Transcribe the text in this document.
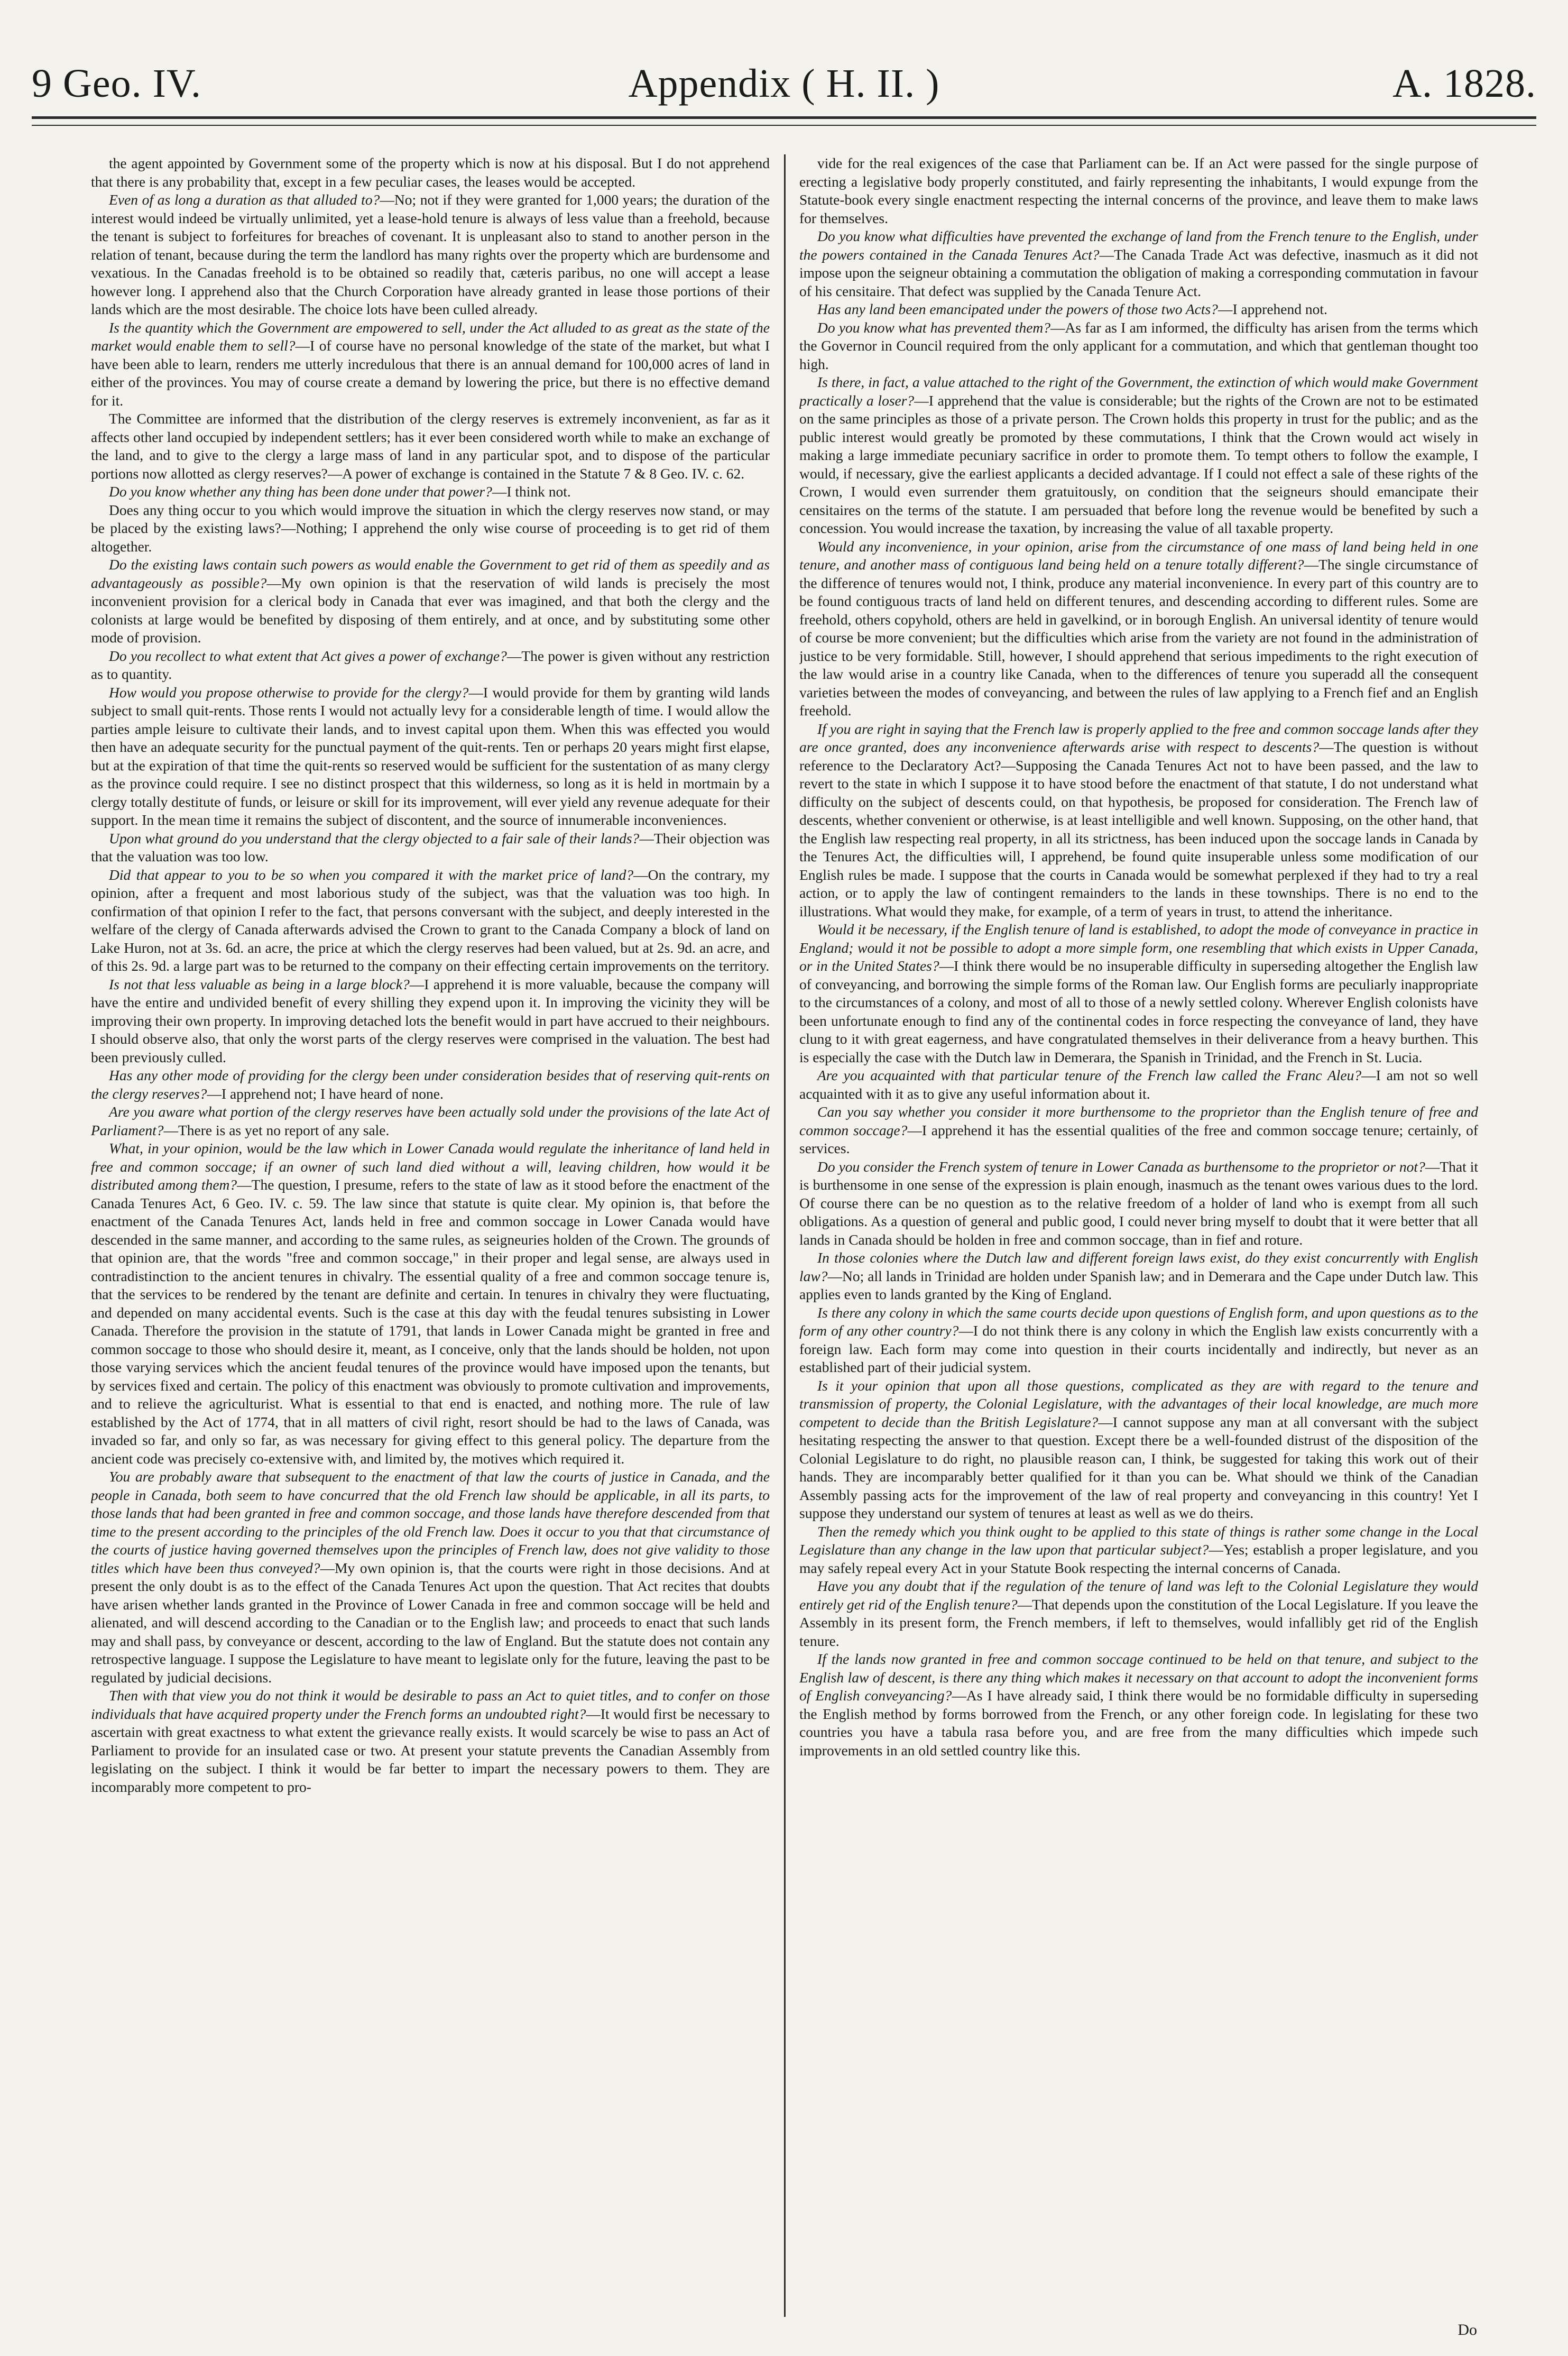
9 Geo. IV.	Appendix ( H. II. )	A. 1828.

the agent appointed by Government some of the property which is now at his disposal. But I do not apprehend that there is any probability that, except in a few peculiar cases, the leases would be accepted.

Even of as long a duration as that alluded to?—No; not if they were granted for 1,000 years; the duration of the interest would indeed be virtually unlimited, yet a lease-hold tenure is always of less value than a freehold, because the tenant is subject to forfeitures for breaches of covenant. It is unpleasant also to stand to another person in the relation of tenant, because during the term the landlord has many rights over the property which are burdensome and vexatious. In the Canadas freehold is to be obtained so readily that, cæteris paribus, no one will accept a lease however long. I apprehend also that the Church Corporation have already granted in lease those portions of their lands which are the most desirable. The choice lots have been culled already.

Is the quantity which the Government are empowered to sell, under the Act alluded to as great as the state of the market would enable them to sell?—I of course have no personal knowledge of the state of the market, but what I have been able to learn, renders me utterly incredulous that there is an annual demand for 100,000 acres of land in either of the provinces. You may of course create a demand by lowering the price, but there is no effective demand for it.

The Committee are informed that the distribution of the clergy reserves is extremely inconvenient, as far as it affects other land occupied by independent settlers; has it ever been considered worth while to make an exchange of the land, and to give to the clergy a large mass of land in any particular spot, and to dispose of the particular portions now allotted as clergy reserves?—A power of exchange is contained in the Statute 7 & 8 Geo. IV. c. 62.

Do you know whether any thing has been done under that power?—I think not.

Does any thing occur to you which would improve the situation in which the clergy reserves now stand, or may be placed by the existing laws?—Nothing; I apprehend the only wise course of proceeding is to get rid of them altogether.

Do the existing laws contain such powers as would enable the Government to get rid of them as speedily and as advantageously as possible?—My own opinion is that the reservation of wild lands is precisely the most inconvenient provision for a clerical body in Canada that ever was imagined, and that both the clergy and the colonists at large would be benefited by disposing of them entirely, and at once, and by substituting some other mode of provision.

Do you recollect to what extent that Act gives a power of exchange?—The power is given without any restriction as to quantity.

How would you propose otherwise to provide for the clergy?—I would provide for them by granting wild lands subject to small quit-rents. Those rents I would not actually levy for a considerable length of time. I would allow the parties ample leisure to cultivate their lands, and to invest capital upon them. When this was effected you would then have an adequate security for the punctual payment of the quit-rents. Ten or perhaps 20 years might first elapse, but at the expiration of that time the quit-rents so reserved would be sufficient for the sustentation of as many clergy as the province could require. I see no distinct prospect that this wilderness, so long as it is held in mortmain by a clergy totally destitute of funds, or leisure or skill for its improvement, will ever yield any revenue adequate for their support. In the mean time it remains the subject of discontent, and the source of innumerable inconveniences.

Upon what ground do you understand that the clergy objected to a fair sale of their lands?—Their objection was that the valuation was too low.

Did that appear to you to be so when you compared it with the market price of land?—On the contrary, my opinion, after a frequent and most laborious study of the subject, was that the valuation was too high. In confirmation of that opinion I refer to the fact, that persons conversant with the subject, and deeply interested in the welfare of the clergy of Canada afterwards advised the Crown to grant to the Canada Company a block of land on Lake Huron, not at 3s. 6d. an acre, the price at which the clergy reserves had been valued, but at 2s. 9d. an acre, and of this 2s. 9d. a large part was to be returned to the company on their effecting certain improvements on the territory.

Is not that less valuable as being in a large block?—I apprehend it is more valuable, because the company will have the entire and undivided benefit of every shilling they expend upon it. In improving the vicinity they will be improving their own property. In improving detached lots the benefit would in part have accrued to their neighbours. I should observe also, that only the worst parts of the clergy reserves were comprised in the valuation. The best had been previously culled.

Has any other mode of providing for the clergy been under consideration besides that of reserving quit-rents on the clergy reserves?—I apprehend not; I have heard of none.

Are you aware what portion of the clergy reserves have been actually sold under the provisions of the late Act of Parliament?—There is as yet no report of any sale.

What, in your opinion, would be the law which in Lower Canada would regulate the inheritance of land held in free and common soccage; if an owner of such land died without a will, leaving children, how would it be distributed among them?—The question, I presume, refers to the state of law as it stood before the enactment of the Canada Tenures Act, 6 Geo. IV. c. 59. The law since that statute is quite clear. My opinion is, that before the enactment of the Canada Tenures Act, lands held in free and common soccage in Lower Canada would have descended in the same manner, and according to the same rules, as seigneuries holden of the Crown. The grounds of that opinion are, that the words "free and common soccage," in their proper and legal sense, are always used in contradistinction to the ancient tenures in chivalry. The essential quality of a free and common soccage tenure is, that the services to be rendered by the tenant are definite and certain. In tenures in chivalry they were fluctuating, and depended on many accidental events. Such is the case at this day with the feudal tenures subsisting in Lower Canada. Therefore the provision in the statute of 1791, that lands in Lower Canada might be granted in free and common soccage to those who should desire it, meant, as I conceive, only that the lands should be holden, not upon those varying services which the ancient feudal tenures of the province would have imposed upon the tenants, but by services fixed and certain. The policy of this enactment was obviously to promote cultivation and improvements, and to relieve the agriculturist. What is essential to that end is enacted, and nothing more. The rule of law established by the Act of 1774, that in all matters of civil right, resort should be had to the laws of Canada, was invaded so far, and only so far, as was necessary for giving effect to this general policy. The departure from the ancient code was precisely co-extensive with, and limited by, the motives which required it.

You are probably aware that subsequent to the enactment of that law the courts of justice in Canada, and the people in Canada, both seem to have concurred that the old French law should be applicable, in all its parts, to those lands that had been granted in free and common soccage, and those lands have therefore descended from that time to the present according to the principles of the old French law. Does it occur to you that that circumstance of the courts of justice having governed themselves upon the principles of French law, does not give validity to those titles which have been thus conveyed?—My own opinion is, that the courts were right in those decisions. And at present the only doubt is as to the effect of the Canada Tenures Act upon the question. That Act recites that doubts have arisen whether lands granted in the Province of Lower Canada in free and common soccage will be held and alienated, and will descend according to the Canadian or to the English law; and proceeds to enact that such lands may and shall pass, by conveyance or descent, according to the law of England. But the statute does not contain any retrospective language. I suppose the Legislature to have meant to legislate only for the future, leaving the past to be regulated by judicial decisions.

Then with that view you do not think it would be desirable to pass an Act to quiet titles, and to confer on those individuals that have acquired property under the French forms an undoubted right?—It would first be necessary to ascertain with great exactness to what extent the grievance really exists. It would scarcely be wise to pass an Act of Parliament to provide for an insulated case or two. At present your statute prevents the Canadian Assembly from legislating on the subject. I think it would be far better to impart the necessary powers to them. They are incomparably more competent to pro-

vide for the real exigences of the case that Parliament can be. If an Act were passed for the single purpose of erecting a legislative body properly constituted, and fairly representing the inhabitants, I would expunge from the Statute-book every single enactment respecting the internal concerns of the province, and leave them to make laws for themselves.

Do you know what difficulties have prevented the exchange of land from the French tenure to the English, under the powers contained in the Canada Tenures Act?—The Canada Trade Act was defective, inasmuch as it did not impose upon the seigneur obtaining a commutation the obligation of making a corresponding commutation in favour of his censitaire. That defect was supplied by the Canada Tenure Act.

Has any land been emancipated under the powers of those two Acts?—I apprehend not.

Do you know what has prevented them?—As far as I am informed, the difficulty has arisen from the terms which the Governor in Council required from the only applicant for a commutation, and which that gentleman thought too high.

Is there, in fact, a value attached to the right of the Government, the extinction of which would make Government practically a loser?—I apprehend that the value is considerable; but the rights of the Crown are not to be estimated on the same principles as those of a private person. The Crown holds this property in trust for the public; and as the public interest would greatly be promoted by these commutations, I think that the Crown would act wisely in making a large immediate pecuniary sacrifice in order to promote them. To tempt others to follow the example, I would, if necessary, give the earliest applicants a decided advantage. If I could not effect a sale of these rights of the Crown, I would even surrender them gratuitously, on condition that the seigneurs should emancipate their censitaires on the terms of the statute. I am persuaded that before long the revenue would be benefited by such a concession. You would increase the taxation, by increasing the value of all taxable property.

Would any inconvenience, in your opinion, arise from the circumstance of one mass of land being held in one tenure, and another mass of contiguous land being held on a tenure totally different?—The single circumstance of the difference of tenures would not, I think, produce any material inconvenience. In every part of this country are to be found contiguous tracts of land held on different tenures, and descending according to different rules. Some are freehold, others copyhold, others are held in gavelkind, or in borough English. An universal identity of tenure would of course be more convenient; but the difficulties which arise from the variety are not found in the administration of justice to be very formidable. Still, however, I should apprehend that serious impediments to the right execution of the law would arise in a country like Canada, when to the differences of tenure you superadd all the consequent varieties between the modes of conveyancing, and between the rules of law applying to a French fief and an English freehold.

If you are right in saying that the French law is properly applied to the free and common soccage lands after they are once granted, does any inconvenience afterwards arise with respect to descents?—The question is without reference to the Declaratory Act?—Supposing the Canada Tenures Act not to have been passed, and the law to revert to the state in which I suppose it to have stood before the enactment of that statute, I do not understand what difficulty on the subject of descents could, on that hypothesis, be proposed for consideration. The French law of descents, whether convenient or otherwise, is at least intelligible and well known. Supposing, on the other hand, that the English law respecting real property, in all its strictness, has been induced upon the soccage lands in Canada by the Tenures Act, the difficulties will, I apprehend, be found quite insuperable unless some modification of our English rules be made. I suppose that the courts in Canada would be somewhat perplexed if they had to try a real action, or to apply the law of contingent remainders to the lands in these townships. There is no end to the illustrations. What would they make, for example, of a term of years in trust, to attend the inheritance.

Would it be necessary, if the English tenure of land is established, to adopt the mode of conveyance in practice in England; would it not be possible to adopt a more simple form, one resembling that which exists in Upper Canada, or in the United States?—I think there would be no insuperable difficulty in superseding altogether the English law of conveyancing, and borrowing the simple forms of the Roman law. Our English forms are peculiarly inappropriate to the circumstances of a colony, and most of all to those of a newly settled colony. Wherever English colonists have been unfortunate enough to find any of the continental codes in force respecting the conveyance of land, they have clung to it with great eagerness, and have congratulated themselves in their deliverance from a heavy burthen. This is especially the case with the Dutch law in Demerara, the Spanish in Trinidad, and the French in St. Lucia.

Are you acquainted with that particular tenure of the French law called the Franc Aleu?—I am not so well acquainted with it as to give any useful information about it.

Can you say whether you consider it more burthensome to the proprietor than the English tenure of free and common soccage?—I apprehend it has the essential qualities of the free and common soccage tenure; certainly, of services.

Do you consider the French system of tenure in Lower Canada as burthensome to the proprietor or not?—That it is burthensome in one sense of the expression is plain enough, inasmuch as the tenant owes various dues to the lord. Of course there can be no question as to the relative freedom of a holder of land who is exempt from all such obligations. As a question of general and public good, I could never bring myself to doubt that it were better that all lands in Canada should be holden in free and common soccage, than in fief and roture.

In those colonies where the Dutch law and different foreign laws exist, do they exist concurrently with English law?—No; all lands in Trinidad are holden under Spanish law; and in Demerara and the Cape under Dutch law. This applies even to lands granted by the King of England.

Is there any colony in which the same courts decide upon questions of English form, and upon questions as to the form of any other country?—I do not think there is any colony in which the English law exists concurrently with a foreign law. Each form may come into question in their courts incidentally and indirectly, but never as an established part of their judicial system.

Is it your opinion that upon all those questions, complicated as they are with regard to the tenure and transmission of property, the Colonial Legislature, with the advantages of their local knowledge, are much more competent to decide than the British Legislature?—I cannot suppose any man at all conversant with the subject hesitating respecting the answer to that question. Except there be a well-founded distrust of the disposition of the Colonial Legislature to do right, no plausible reason can, I think, be suggested for taking this work out of their hands. They are incomparably better qualified for it than you can be. What should we think of the Canadian Assembly passing acts for the improvement of the law of real property and conveyancing in this country! Yet I suppose they understand our system of tenures at least as well as we do theirs.

Then the remedy which you think ought to be applied to this state of things is rather some change in the Local Legislature than any change in the law upon that particular subject?—Yes; establish a proper legislature, and you may safely repeal every Act in your Statute Book respecting the internal concerns of Canada.

Have you any doubt that if the regulation of the tenure of land was left to the Colonial Legislature they would entirely get rid of the English tenure?—That depends upon the constitution of the Local Legislature. If you leave the Assembly in its present form, the French members, if left to themselves, would infallibly get rid of the English tenure.

If the lands now granted in free and common soccage continued to be held on that tenure, and subject to the English law of descent, is there any thing which makes it necessary on that account to adopt the inconvenient forms of English conveyancing?—As I have already said, I think there would be no formidable difficulty in superseding the English method by forms borrowed from the French, or any other foreign code. In legislating for these two countries you have a tabula rasa before you, and are free from the many difficulties which impede such improvements in an old settled country like this.

Do
